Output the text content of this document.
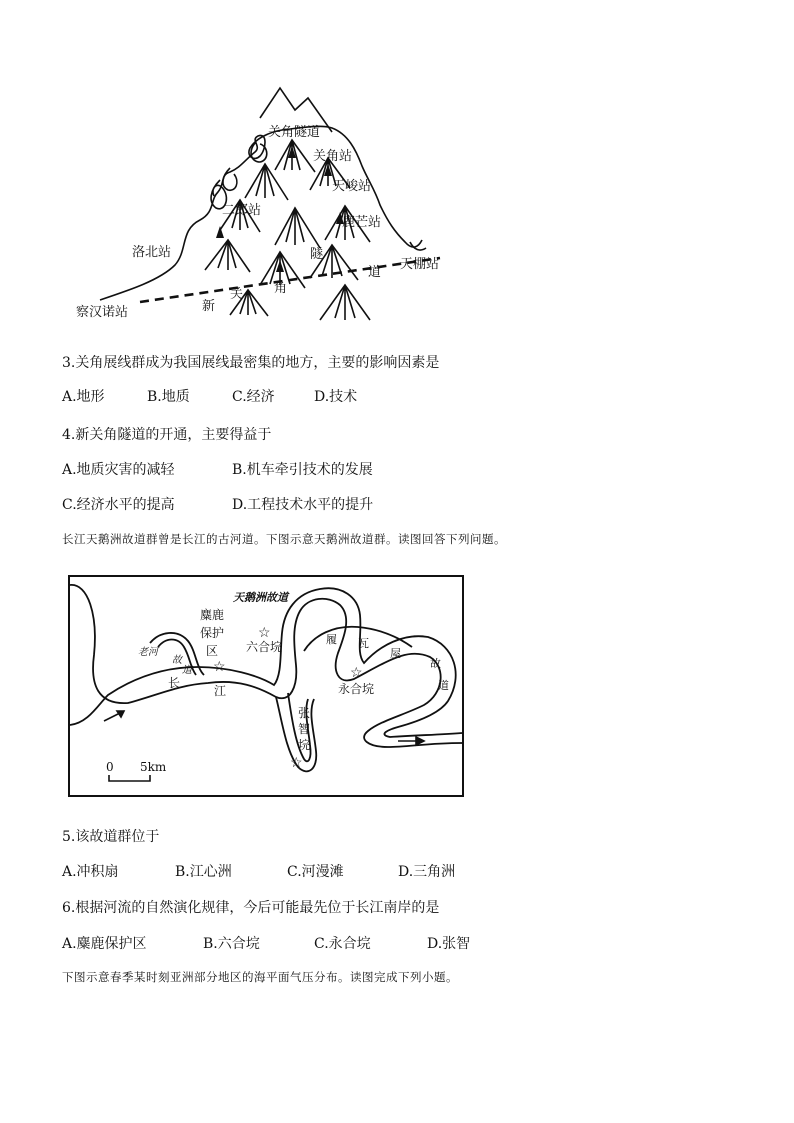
关角隧道
关角站
天峻站
二郎站
鹿芒站
洛北站
天棚站
察汉诺站	新
关 角
隧
道
3.关角展线群成为我国展线最密集的地方，主要的影响因素是
A.地形	B.地质	C.经济	D.技术
4.新关角隧道的开通，主要得益于
A.地质灾害的减轻	B.机车牵引技术的发展
C.经济水平的提高	D.工程技术水平的提升
长江天鹅洲故道群曾是长江的古河道。下图示意天鹅洲故道群。读图回答下列问题。
☆
☆	☆
☆
天鹅洲故道
麋鹿
保护
区 六合垸
永合垸
张
智
垸
老河
故
道
长
江
履 瓦
屋
故
道
0 5km
5.该故道群位于
A.冲积扇	B.江心洲	C.河漫滩	D.三角洲
6.根据河流的自然演化规律，今后可能最先位于长江南岸的是
A.麋鹿保护区	B.六合垸	C.永合垸	D.张智
下图示意春季某时刻亚洲部分地区的海平面气压分布。读图完成下列小题。
